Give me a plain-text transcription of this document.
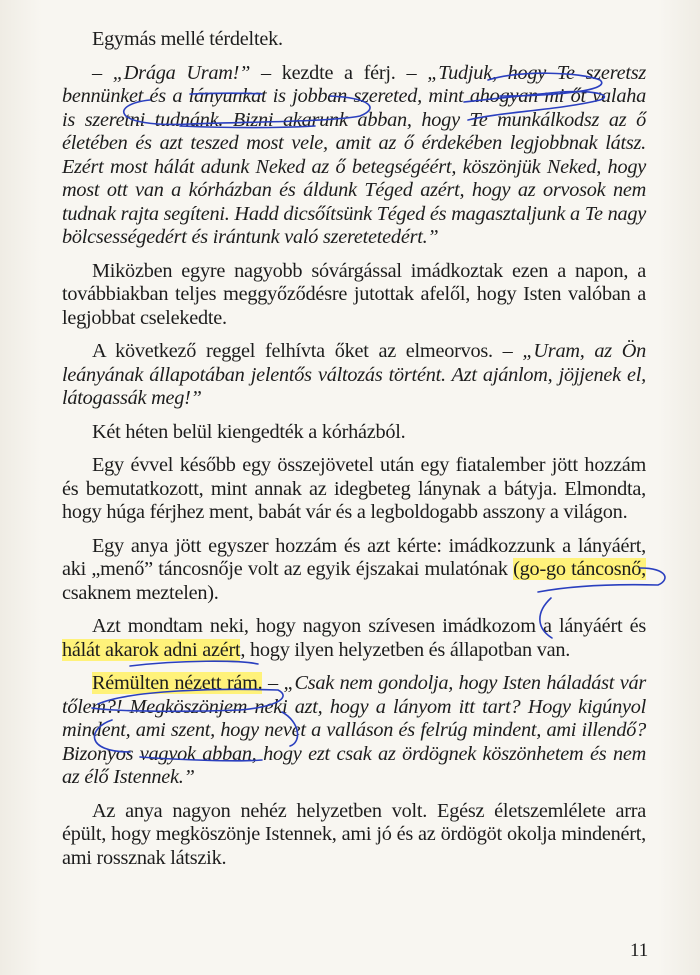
Egymás mellé térdeltek.

– „Drága Uram!” – kezdte a férj. – „Tudjuk, hogy Te szeretsz bennünket és a lányunkat is jobban szereted, mint ahogyan mi őt valaha is szeretni tudnánk. Bizni akarunk abban, hogy Te munkálkodsz az ő életében és azt teszed most vele, amit az ő érdekében legjobbnak látsz. Ezért most hálát adunk Neked az ő betegségéért, köszönjük Neked, hogy most ott van a kórházban és áldunk Téged azért, hogy az orvosok nem tudnak rajta segíteni. Hadd dicsőítsünk Téged és magasztaljunk a Te nagy bölcsességedért és irántunk való szeretetedért.”

Miközben egyre nagyobb sóvárgással imádkoztak ezen a napon, a továbbiakban teljes meggyőződésre jutottak afelől, hogy Isten valóban a legjobbat cselekedte.

A következő reggel felhívta őket az elmeorvos. – „Uram, az Ön leányának állapotában jelentős változás történt. Azt ajánlom, jöjjenek el, látogassák meg!”

Két héten belül kiengedték a kórházból.

Egy évvel később egy összejövetel után egy fiatalember jött hozzám és bemutatkozott, mint annak az idegbeteg lánynak a bátyja. Elmondta, hogy húga férjhez ment, babát vár és a legboldogabb asszony a világon.

Egy anya jött egyszer hozzám és azt kérte: imádkozzunk a lányáért, aki „menő” táncosnője volt az egyik éjszakai mulatónak (go-go táncosnő, csaknem meztelen).

Azt mondtam neki, hogy nagyon szívesen imádkozom a lányáért és hálát akarok adni azért, hogy ilyen helyzetben és állapotban van.

Rémülten nézett rám. – „Csak nem gondolja, hogy Isten háladást vár tőlem?! Megköszönjem neki azt, hogy a lányom itt tart? Hogy kigúnyol mindent, ami szent, hogy nevet a valláson és felrúg mindent, ami illendő? Bizonyos vagyok abban, hogy ezt csak az ördögnek köszönhetem és nem az élő Istennek.”

Az anya nagyon nehéz helyzetben volt. Egész életszemlélete arra épült, hogy megköszönje Istennek, ami jó és az ördögöt okolja mindenért, ami rossznak látszik.

11
